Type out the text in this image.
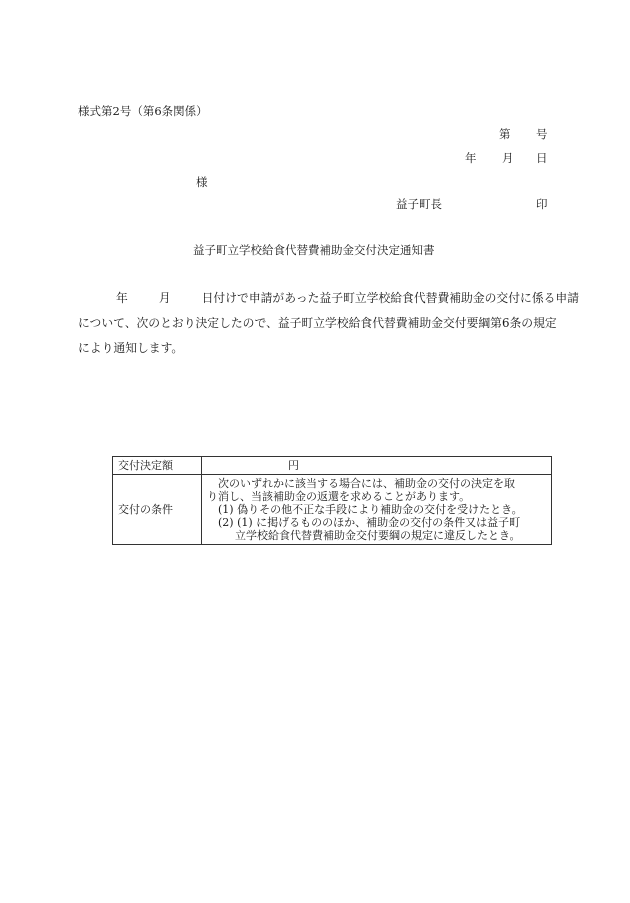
様式第2号（第6条関係）
第 号
年 月 日
様
益子町長	印
益子町立学校給食代替費補助金交付決定通知書
年	月	日付けで申請があった益子町立学校給食代替費補助金の交付に係る申請
について、次のとおり決定したので、益子町立学校給食代替費補助金交付要綱第6条の規定
により通知します。
交付決定額	円
交付の条件	次のいずれかに該当する場合には、補助金の交付の決定を取
り消し、当該補助金の返還を求めることがあります。
(1) 偽りその他不正な手段により補助金の交付を受けたとき。
(2) (1) に掲げるもののほか、補助金の交付の条件又は益子町
立学校給食代替費補助金交付要綱の規定に違反したとき。
